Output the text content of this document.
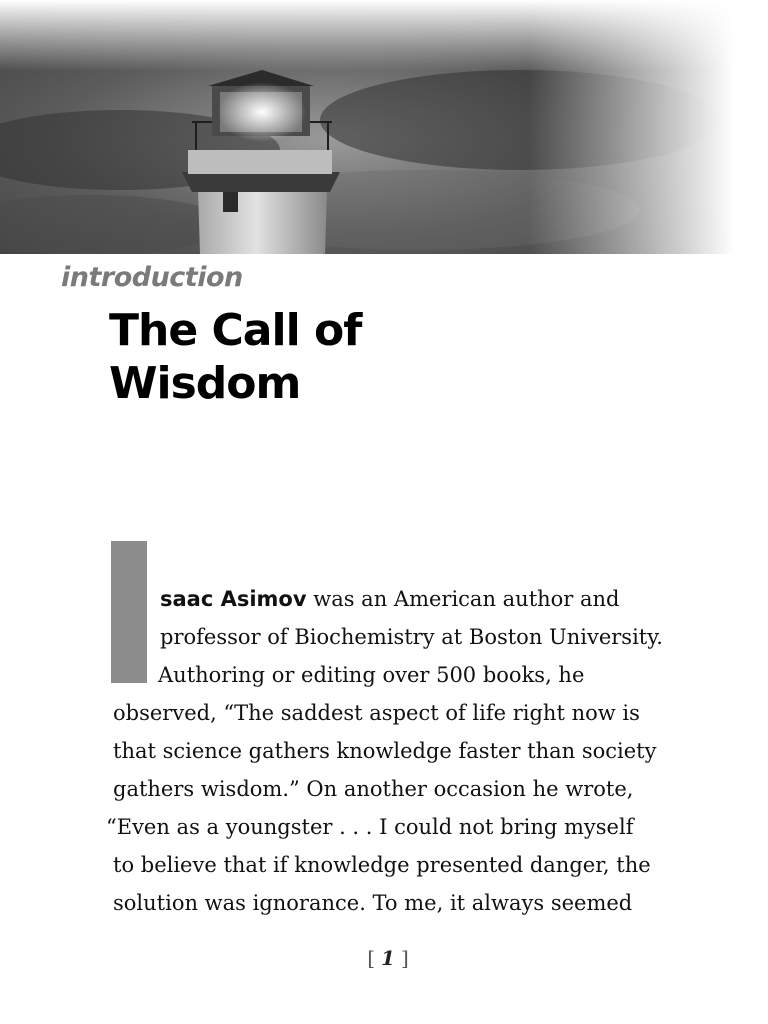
introduction
The Call of
Wisdom
saac Asimov was an American author and
professor of Biochemistry at Boston University.
Authoring or editing over 500 books, he
observed, “The saddest aspect of life right now is
that science gathers knowledge faster than society
gathers wisdom.” On another occasion he wrote,
“Even as a youngster . . . I could not bring myself
to believe that if knowledge presented danger, the
solution was ignorance. To me, it always seemed
[ 1 ]
